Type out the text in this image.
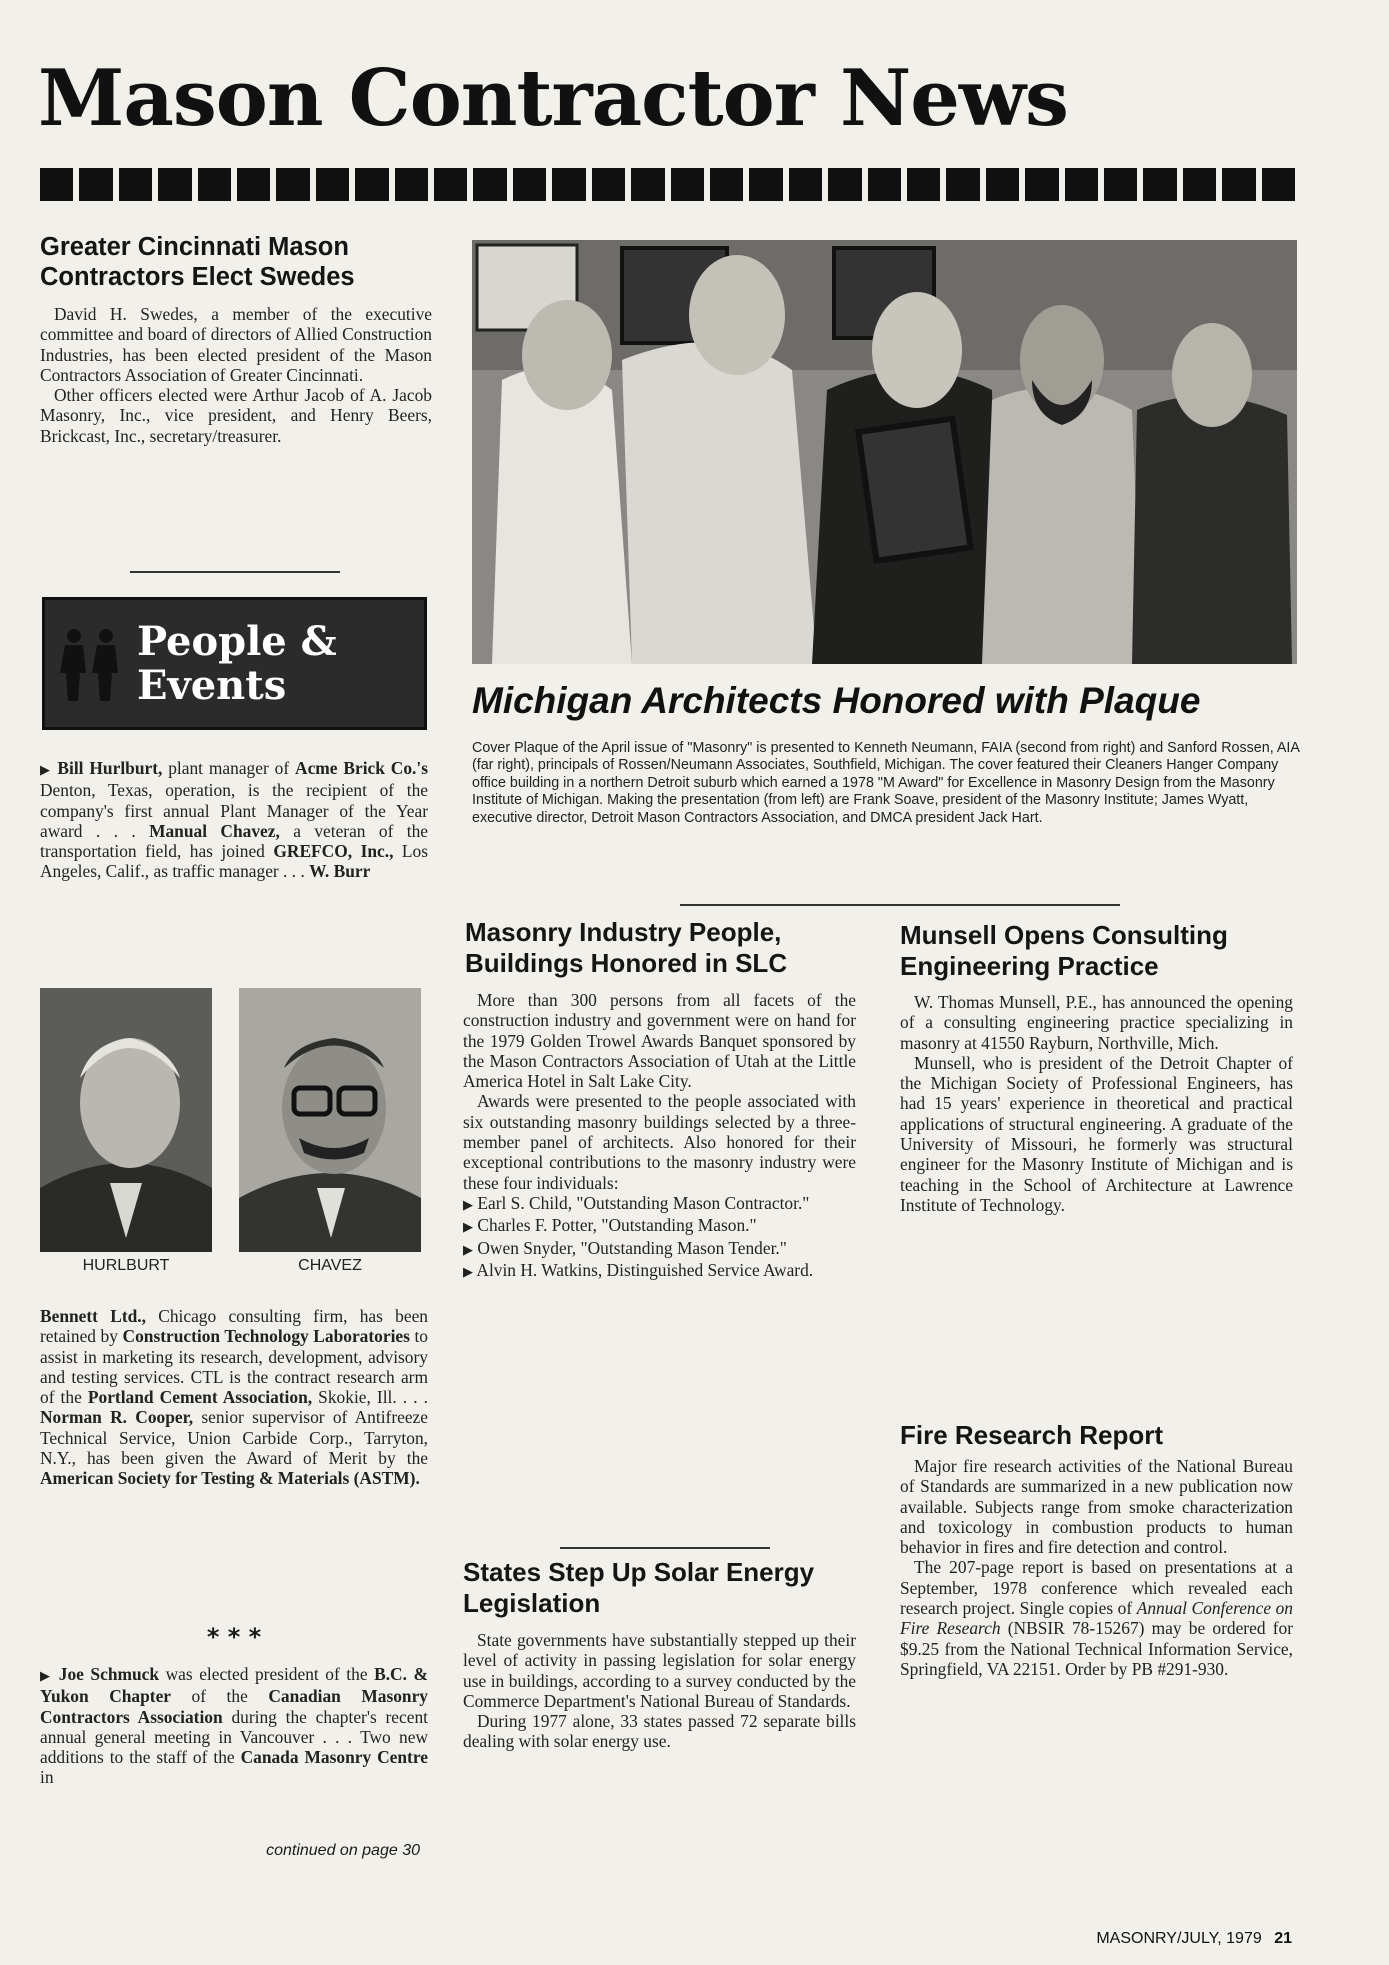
Mason Contractor News
Greater Cincinnati Mason Contractors Elect Swedes

David H. Swedes, a member of the executive committee and board of directors of Allied Construction Industries, has been elected president of the Mason Contractors Association of Greater Cincinnati.

Other officers elected were Arthur Jacob of A. Jacob Masonry, Inc., vice president, and Henry Beers, Brickcast, Inc., secretary/treasurer.

People &
Events

▶ Bill Hurlburt, plant manager of Acme Brick Co.'s Denton, Texas, operation, is the recipient of the company's first annual Plant Manager of the Year award . . . Manual Chavez, a veteran of the transportation field, has joined GREFCO, Inc., Los Angeles, Calif., as traffic manager . . . W. Burr

HURLBURT	CHAVEZ

Bennett Ltd., Chicago consulting firm, has been retained by Construction Technology Laboratories to assist in marketing its research, development, advisory and testing services. CTL is the contract research arm of the Portland Cement Association, Skokie, Ill. . . . Norman R. Cooper, senior supervisor of Antifreeze Technical Service, Union Carbide Corp., Tarryton, N.Y., has been given the Award of Merit by the American Society for Testing & Materials (ASTM).

* * *

▶ Joe Schmuck was elected president of the B.C. & Yukon Chapter of the Canadian Masonry Contractors Association during the chapter's recent annual general meeting in Vancouver . . . Two new additions to the staff of the Canada Masonry Centre in

continued on page 30
Michigan Architects Honored with Plaque
Cover Plaque of the April issue of "Masonry" is presented to Kenneth Neumann, FAIA (second from right) and Sanford Rossen, AIA (far right), principals of Rossen/Neumann Associates, Southfield, Michigan. The cover featured their Cleaners Hanger Company office building in a northern Detroit suburb which earned a 1978 "M Award" for Excellence in Masonry Design from the Masonry Institute of Michigan. Making the presentation (from left) are Frank Soave, president of the Masonry Institute; James Wyatt, executive director, Detroit Mason Contractors Association, and DMCA president Jack Hart.
Masonry Industry People, Buildings Honored in SLC

More than 300 persons from all facets of the construction industry and government were on hand for the 1979 Golden Trowel Awards Banquet sponsored by the Mason Contractors Association of Utah at the Little America Hotel in Salt Lake City.

Awards were presented to the people associated with six outstanding masonry buildings selected by a three-member panel of architects. Also honored for their exceptional contributions to the masonry industry were these four individuals:

▶ Earl S. Child, "Outstanding Mason Contractor."

▶ Charles F. Potter, "Outstanding Mason."

▶ Owen Snyder, "Outstanding Mason Tender."

▶ Alvin H. Watkins, Distinguished Service Award.

States Step Up Solar Energy Legislation

State governments have substantially stepped up their level of activity in passing legislation for solar energy use in buildings, according to a survey conducted by the Commerce Department's National Bureau of Standards.

During 1977 alone, 33 states passed 72 separate bills dealing with solar energy use.

Munsell Opens Consulting Engineering Practice

W. Thomas Munsell, P.E., has announced the opening of a consulting engineering practice specializing in masonry at 41550 Rayburn, Northville, Mich.

Munsell, who is president of the Detroit Chapter of the Michigan Society of Professional Engineers, has had 15 years' experience in theoretical and practical applications of structural engineering. A graduate of the University of Missouri, he formerly was structural engineer for the Masonry Institute of Michigan and is teaching in the School of Architecture at Lawrence Institute of Technology.

Fire Research Report

Major fire research activities of the National Bureau of Standards are summarized in a new publication now available. Subjects range from smoke characterization and toxicology in combustion products to human behavior in fires and fire detection and control.

The 207-page report is based on presentations at a September, 1978 conference which revealed each research project. Single copies of Annual Conference on Fire Research (NBSIR 78-15267) may be ordered for $9.25 from the National Technical Information Service, Springfield, VA 22151. Order by PB #291-930.

MASONRY/JULY, 1979 21
